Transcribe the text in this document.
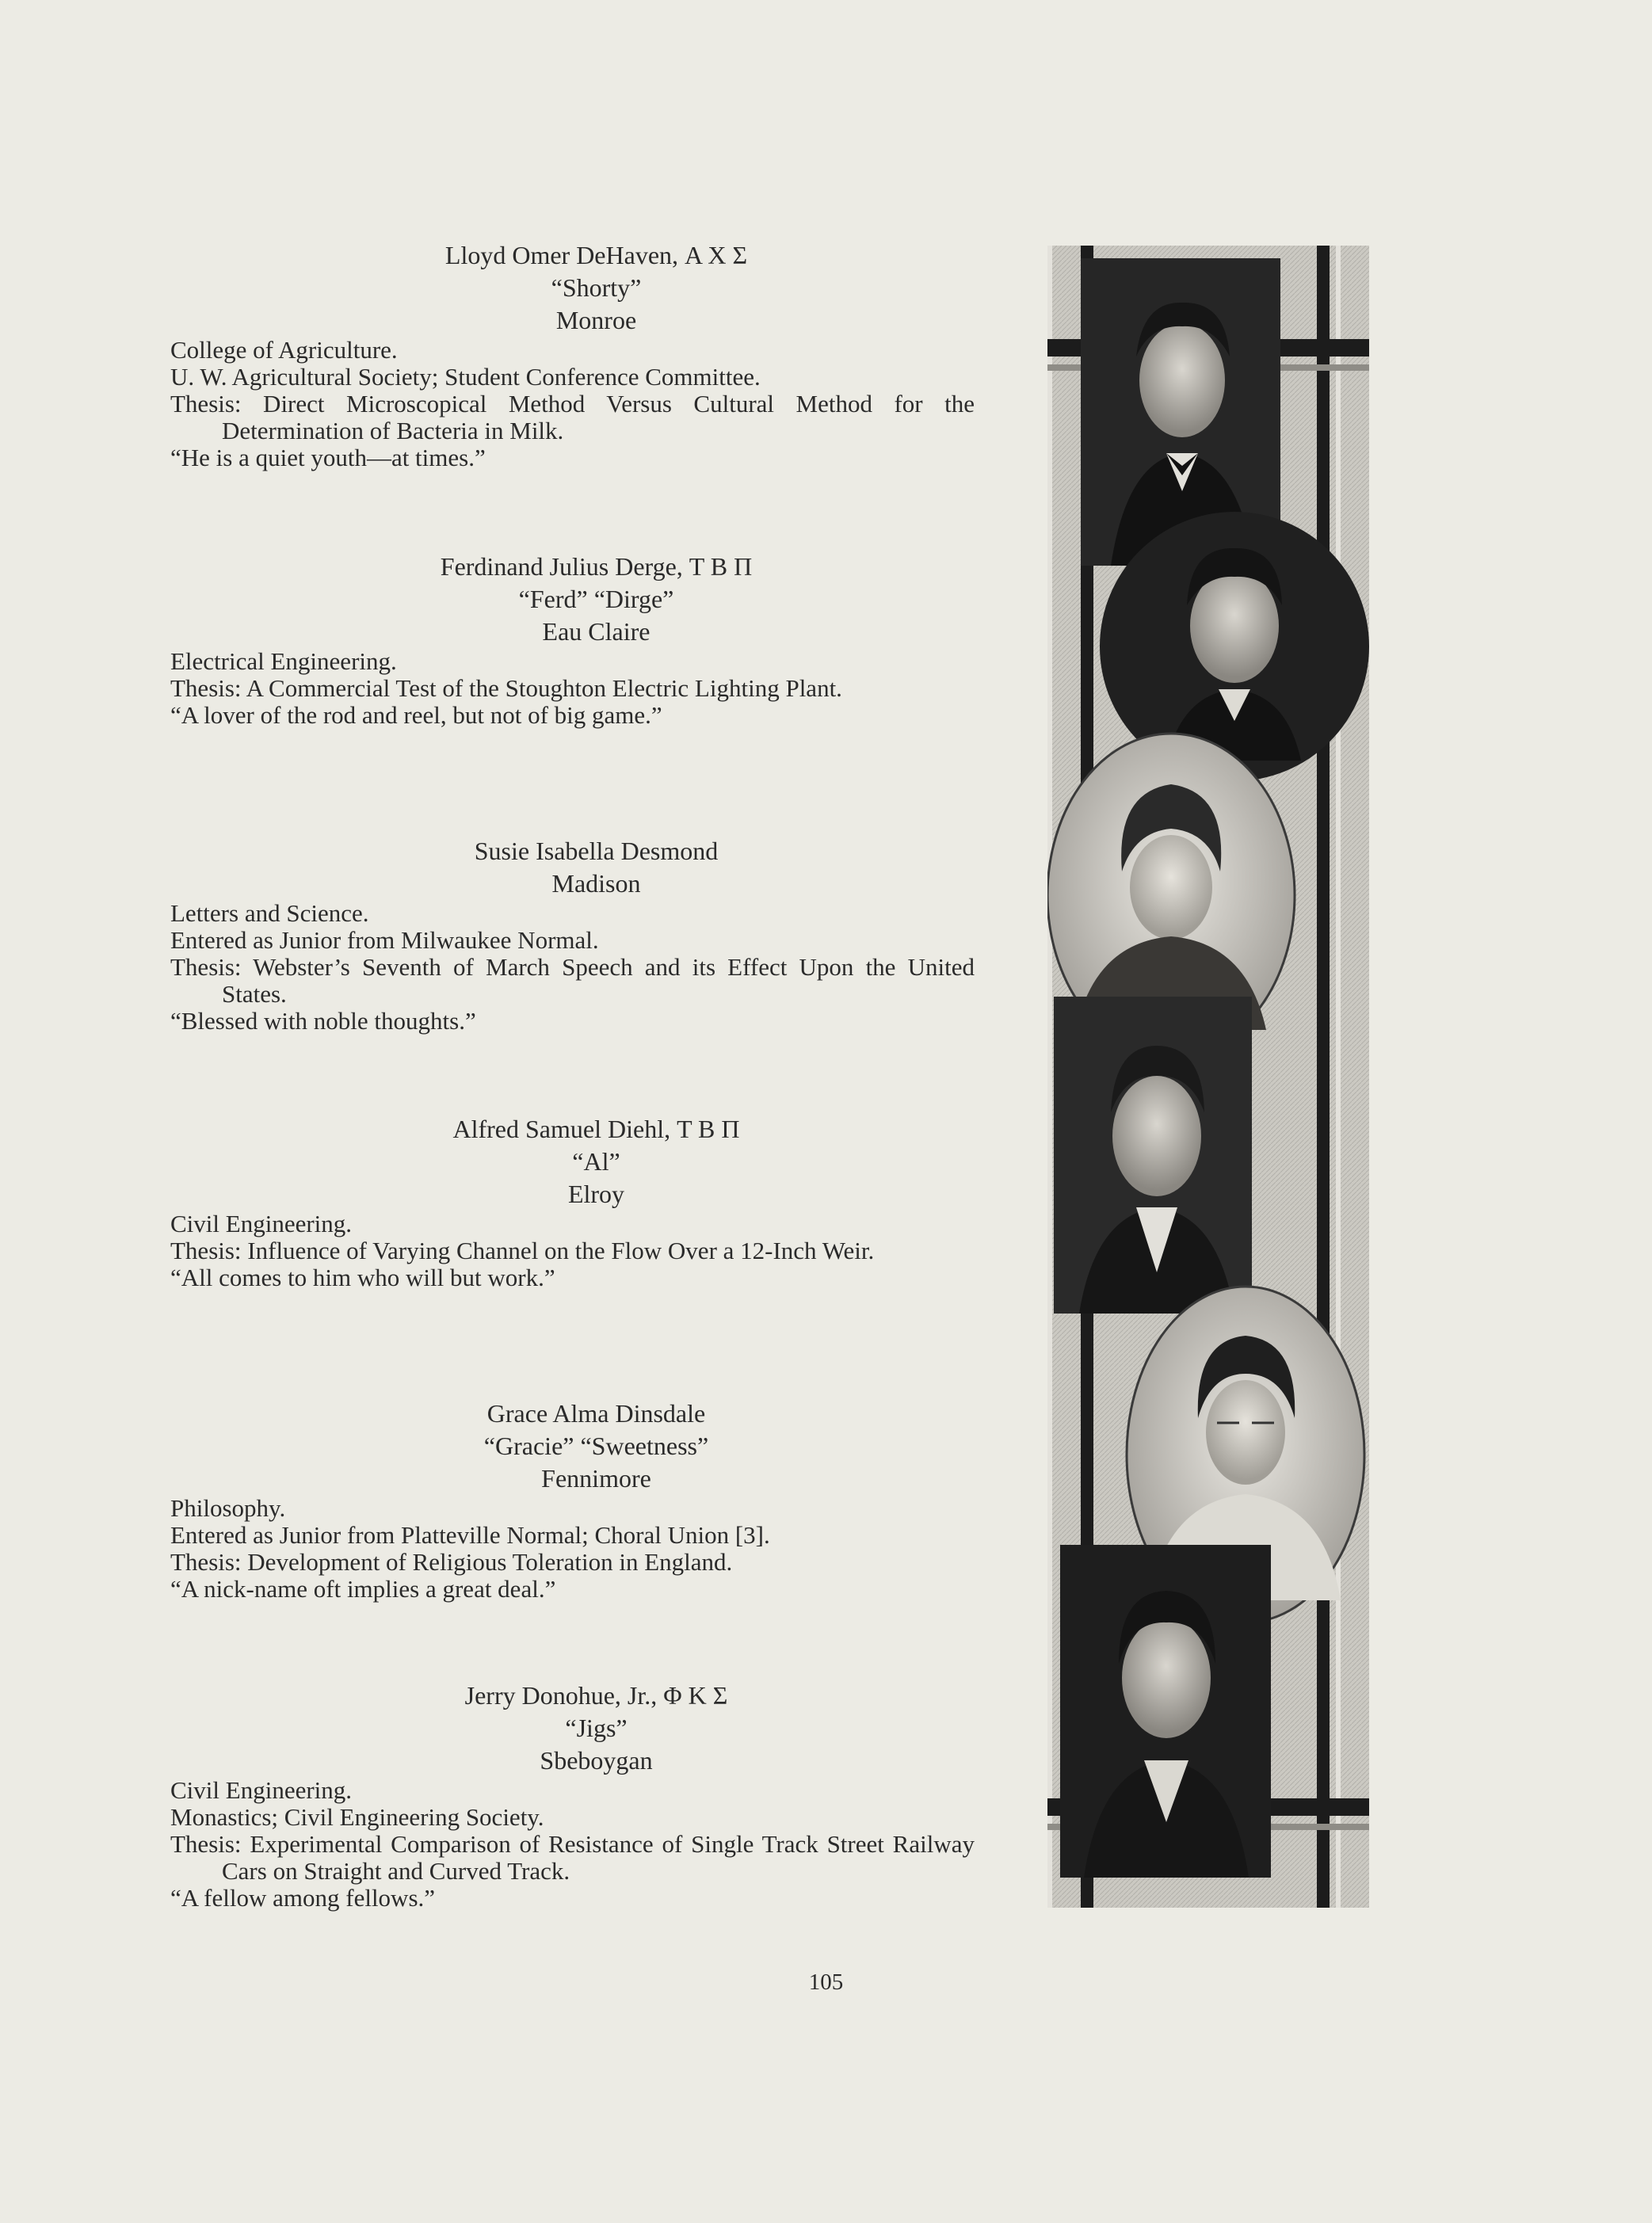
Lloyd Omer DeHaven, Α Χ Σ
“Shorty”
Monroe
College of Agriculture.
U. W. Agricultural Society; Student Conference Committee.
Thesis: Direct Microscopical Method Versus Cultural Method for the Determination of Bacteria in Milk.
“He is a quiet youth—at times.”
Ferdinand Julius Derge, Τ Β Π
“Ferd” “Dirge”
Eau Claire
Electrical Engineering.
Thesis: A Commercial Test of the Stoughton Electric Lighting Plant.
“A lover of the rod and reel, but not of big game.”
Susie Isabella Desmond
Madison
Letters and Science.
Entered as Junior from Milwaukee Normal.
Thesis: Webster’s Seventh of March Speech and its Effect Upon the United States.
“Blessed with noble thoughts.”
Alfred Samuel Diehl, Τ Β Π
“Al”
Elroy
Civil Engineering.
Thesis: Influence of Varying Channel on the Flow Over a 12-Inch Weir.
“All comes to him who will but work.”
Grace Alma Dinsdale
“Gracie” “Sweetness”
Fennimore
Philosophy.
Entered as Junior from Platteville Normal; Choral Union [3].
Thesis: Development of Religious Toleration in England.
“A nick-name oft implies a great deal.”
Jerry Donohue, Jr., Φ Κ Σ
“Jigs”
Sbeboygan
Civil Engineering.
Monastics; Civil Engineering Society.
Thesis: Experimental Comparison of Resistance of Single Track Street Railway Cars on Straight and Curved Track.
“A fellow among fellows.”
105
